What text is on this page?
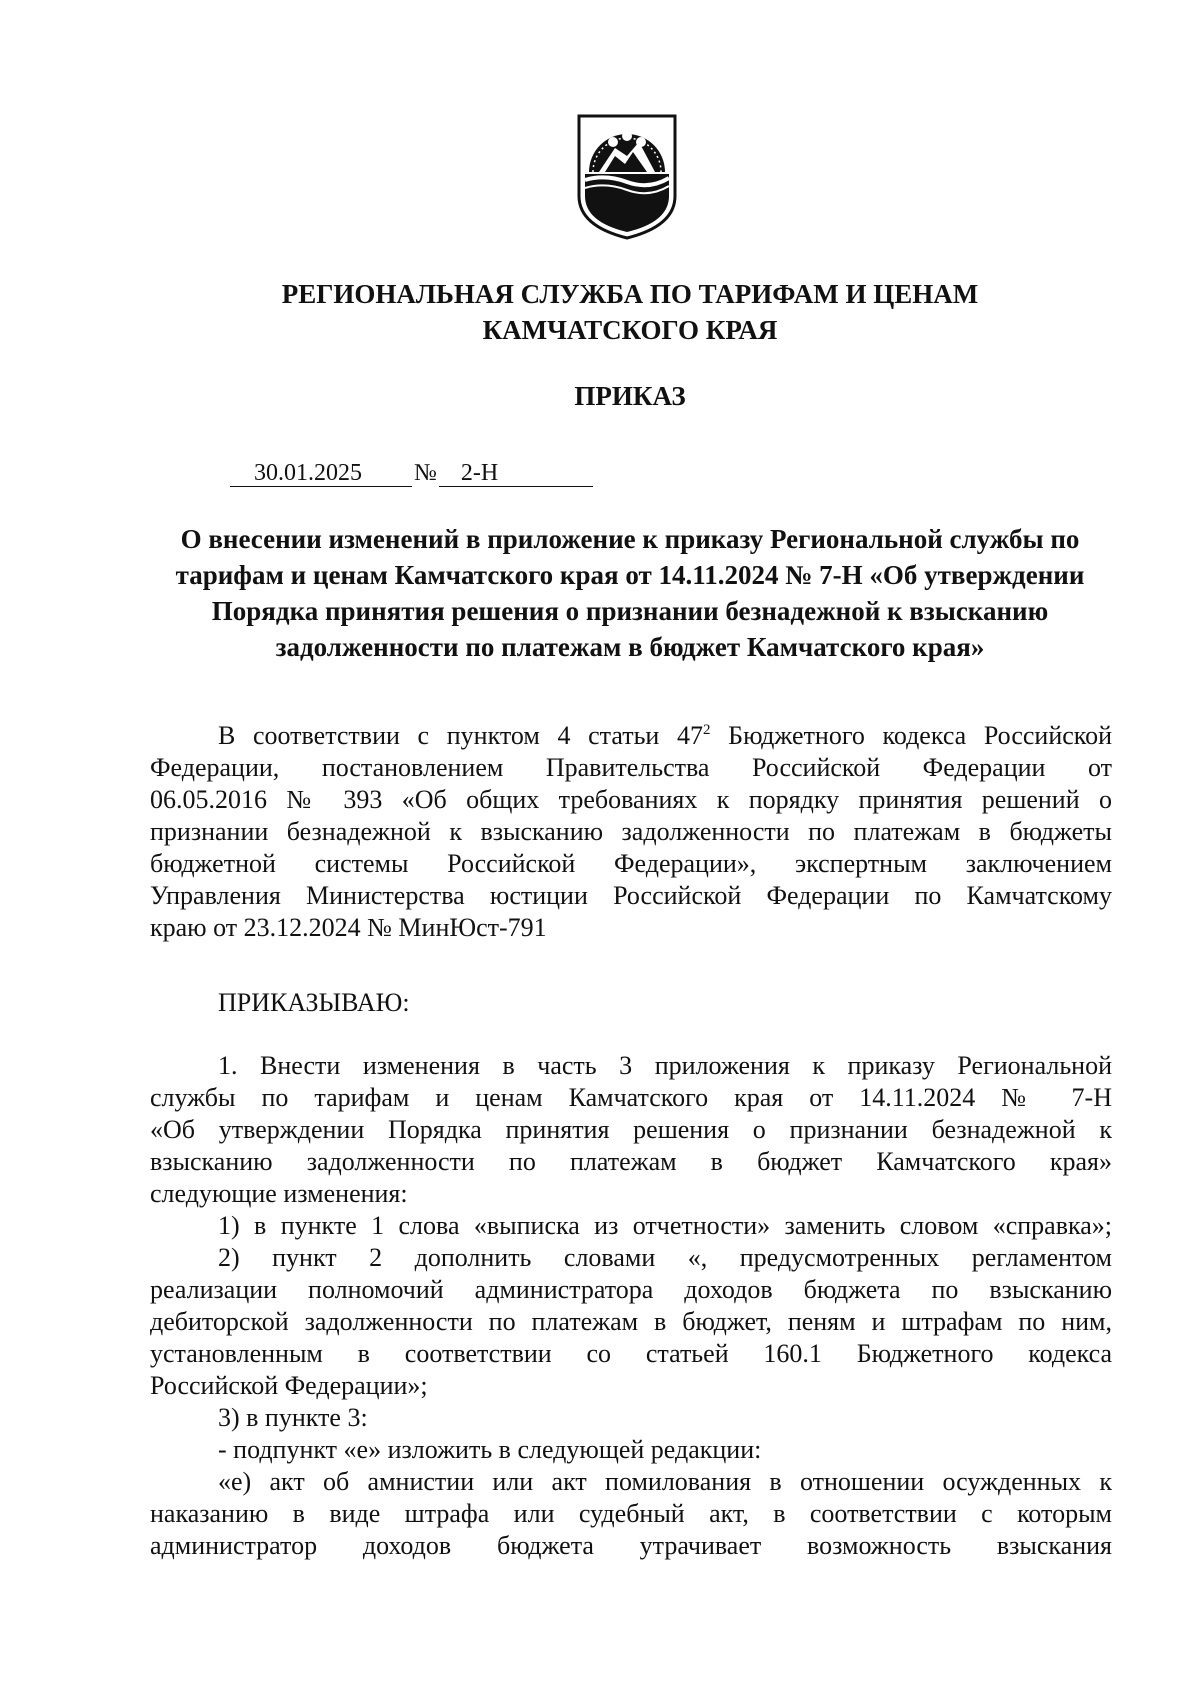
РЕГИОНАЛЬНАЯ СЛУЖБА ПО ТАРИФАМ И ЦЕНАМ
КАМЧАТСКОГО КРАЯ
ПРИКАЗ
30.01.2025 № 2-Н
О внесении изменений в приложение к приказу Региональной службы по
тарифам и ценам Камчатского края от 14.11.2024 № 7-Н «Об утверждении
Порядка принятия решения о признании безнадежной к взысканию
задолженности по платежам в бюджет Камчатского края»
В соответствии с пунктом 4 статьи $47^2$ Бюджетного кодекса Российской
Федерации, постановлением Правительства Российской Федерации от
06.05.2016 № 393 «Об общих требованиях к порядку принятия решений о
признании безнадежной к взысканию задолженности по платежам в бюджеты
бюджетной системы Российской Федерации», экспертным заключением
Управления Министерства юстиции Российской Федерации по Камчатскому
краю от 23.12.2024 № МинЮст-791
ПРИКАЗЫВАЮ:
1. Внести изменения в часть 3 приложения к приказу Региональной
службы по тарифам и ценам Камчатского края от 14.11.2024 № 7-Н
«Об утверждении Порядка принятия решения о признании безнадежной к
взысканию задолженности по платежам в бюджет Камчатского края»
следующие изменения:
1) в пункте 1 слова «выписка из отчетности» заменить словом «справка»;
2) пункт 2 дополнить словами «, предусмотренных регламентом
реализации полномочий администратора доходов бюджета по взысканию
дебиторской задолженности по платежам в бюджет, пеням и штрафам по ним,
установленным в соответствии со статьей 160.1 Бюджетного кодекса
Российской Федерации»;
3) в пункте 3:
- подпункт «е» изложить в следующей редакции:
«е) акт об амнистии или акт помилования в отношении осужденных к
наказанию в виде штрафа или судебный акт, в соответствии с которым
администратор доходов бюджета утрачивает возможность взыскания
